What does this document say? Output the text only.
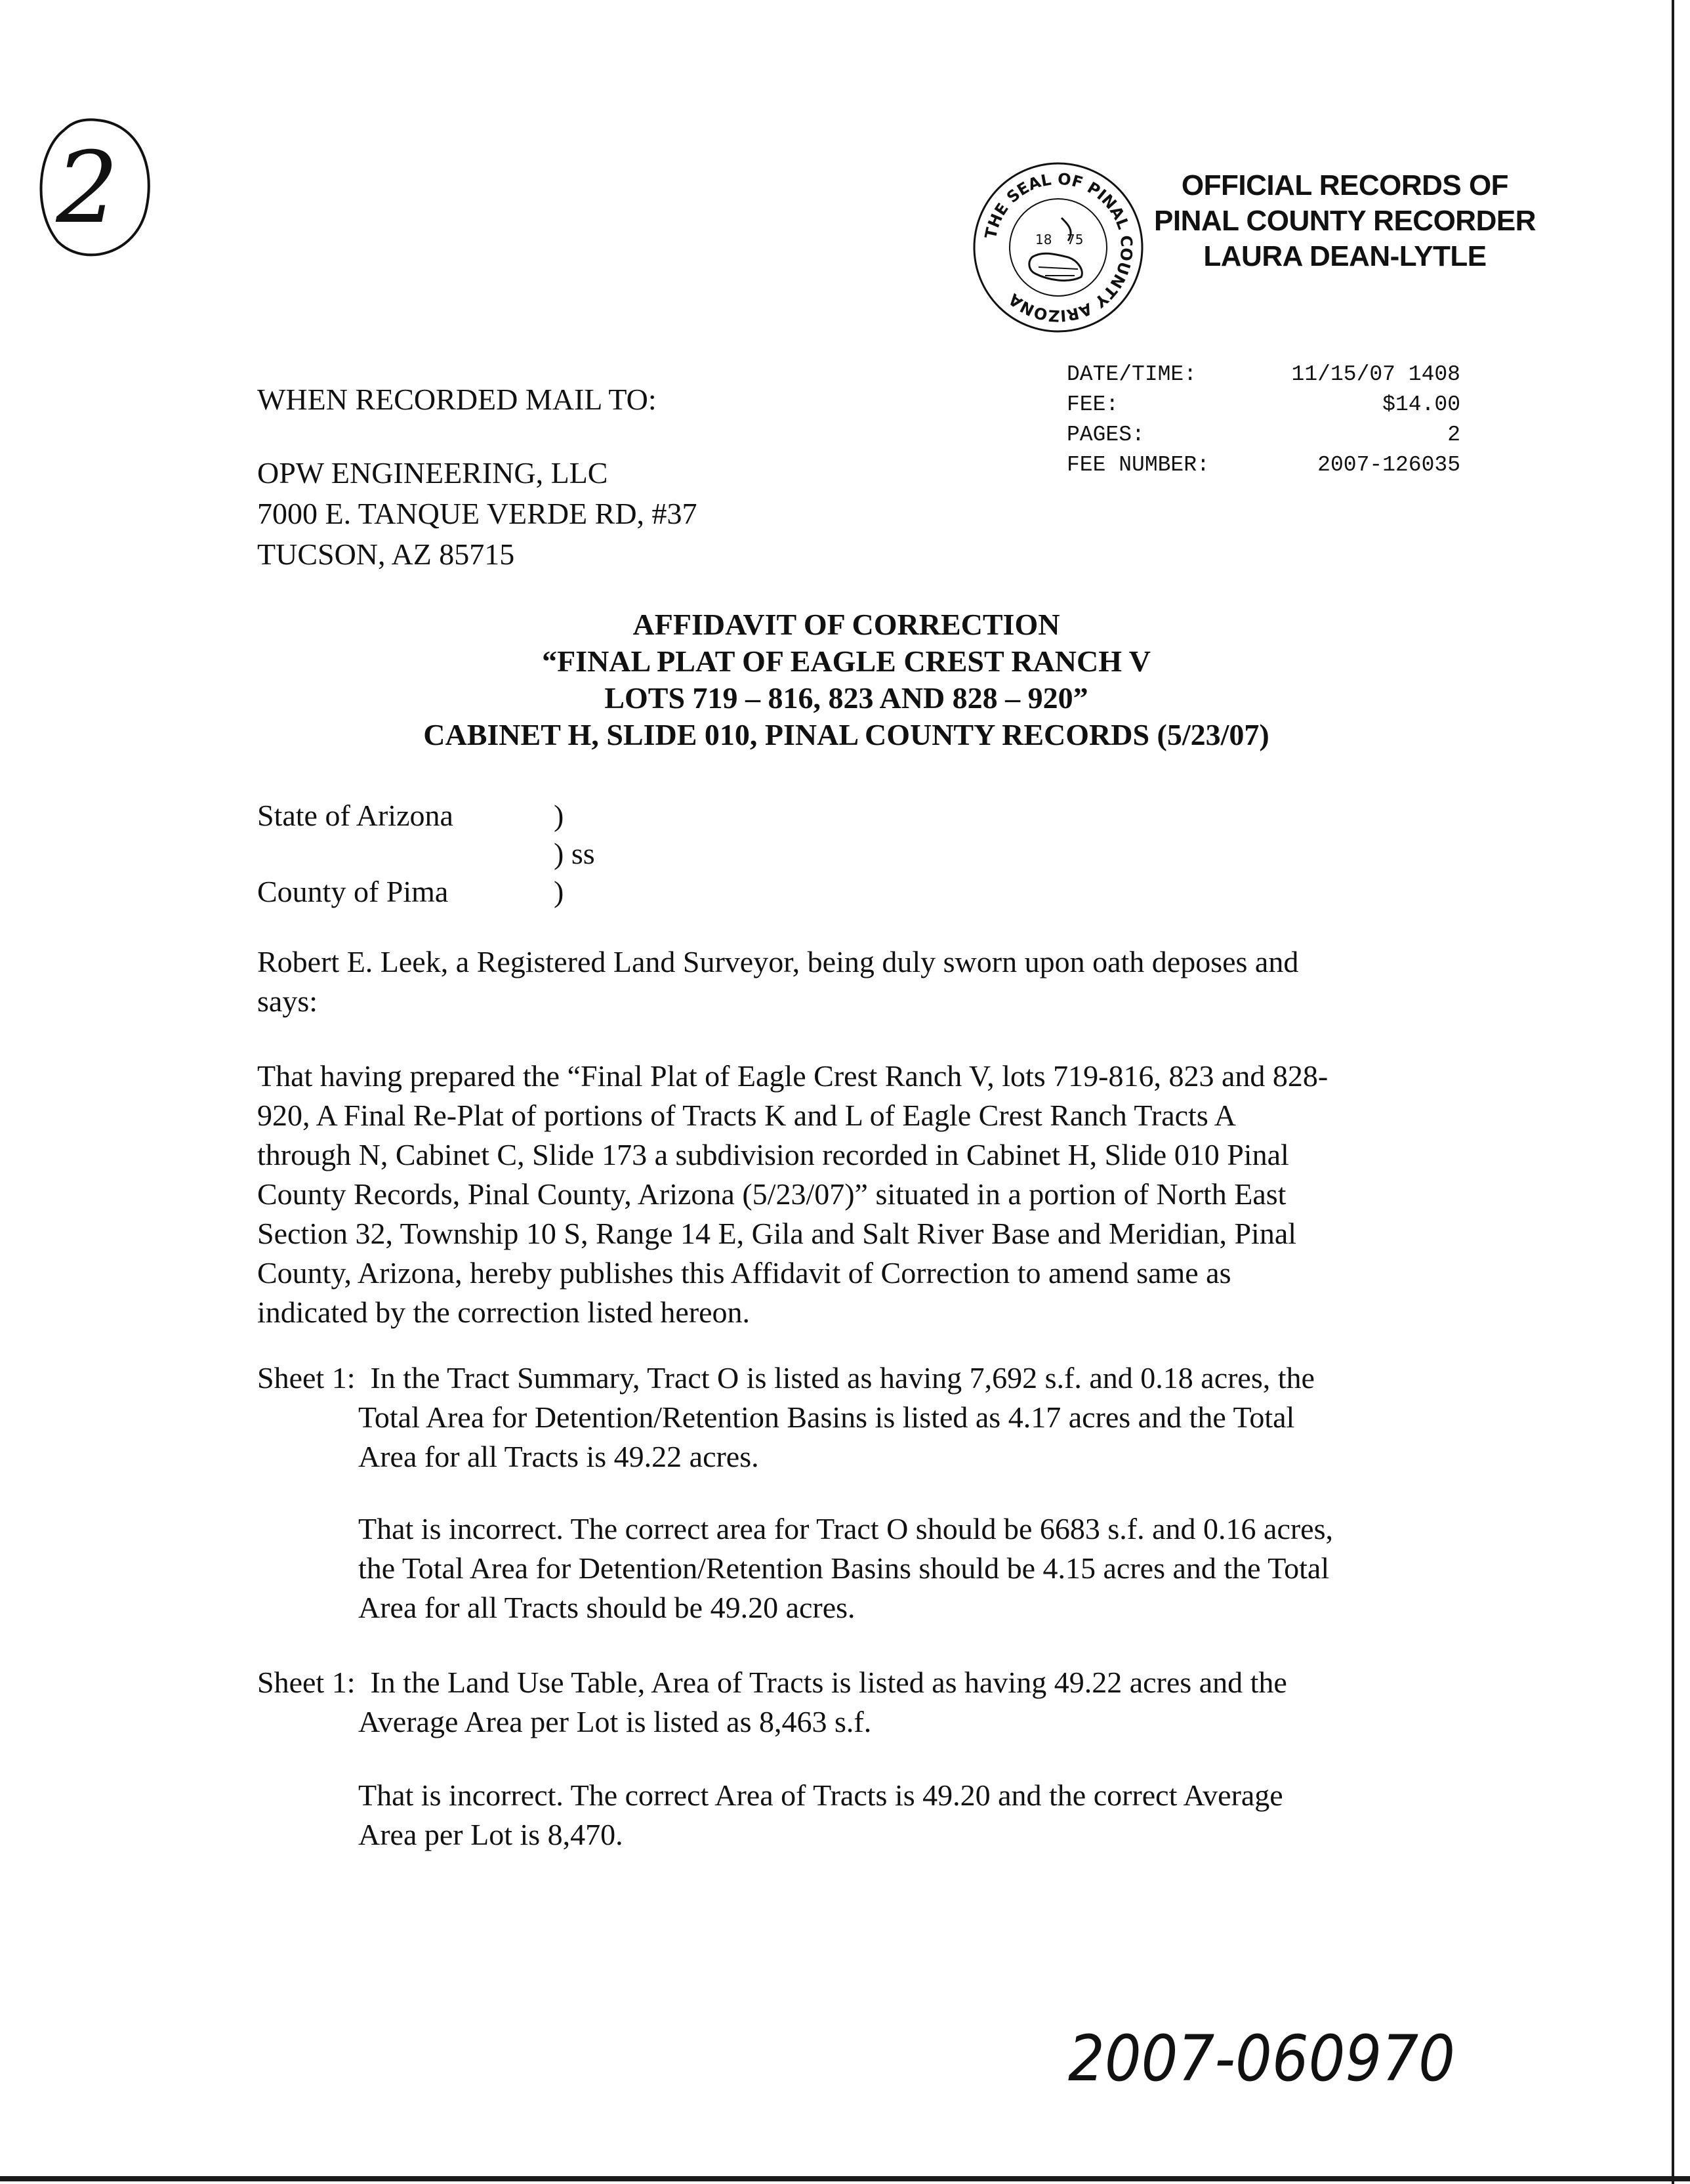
2	THE SEAL OF PINAL COUNTY ARIZONA
18 75
OFFICIAL RECORDS OF
PINAL COUNTY RECORDER
LAURA DEAN-LYTLE
DATE/TIME:	11/15/07 1408
FEE:	$14.00
PAGES:	2
FEE NUMBER:	2007-126035
WHEN RECORDED MAIL TO:
OPW ENGINEERING, LLC
7000 E. TANQUE VERDE RD, #37
TUCSON, AZ 85715
AFFIDAVIT OF CORRECTION
“FINAL PLAT OF EAGLE CREST RANCH V
LOTS 719 – 816, 823 AND 828 – 920”
CABINET H, SLIDE 010, PINAL COUNTY RECORDS (5/23/07)
State of Arizona	)
) ss
County of Pima	)
Robert E. Leek, a Registered Land Surveyor, being duly sworn upon oath deposes and
says:
That having prepared the “Final Plat of Eagle Crest Ranch V, lots 719-816, 823 and 828-
920, A Final Re-Plat of portions of Tracts K and L of Eagle Crest Ranch Tracts A
through N, Cabinet C, Slide 173 a subdivision recorded in Cabinet H, Slide 010 Pinal
County Records, Pinal County, Arizona (5/23/07)” situated in a portion of North East
Section 32, Township 10 S, Range 14 E, Gila and Salt River Base and Meridian, Pinal
County, Arizona, hereby publishes this Affidavit of Correction to amend same as
indicated by the correction listed hereon.
Sheet 1: In the Tract Summary, Tract O is listed as having 7,692 s.f. and 0.18 acres, the
Total Area for Detention/Retention Basins is listed as 4.17 acres and the Total
Area for all Tracts is 49.22 acres.
That is incorrect. The correct area for Tract O should be 6683 s.f. and 0.16 acres,
the Total Area for Detention/Retention Basins should be 4.15 acres and the Total
Area for all Tracts should be 49.20 acres.
Sheet 1: In the Land Use Table, Area of Tracts is listed as having 49.22 acres and the
Average Area per Lot is listed as 8,463 s.f.
That is incorrect. The correct Area of Tracts is 49.20 and the correct Average
Area per Lot is 8,470.
2007-060970
